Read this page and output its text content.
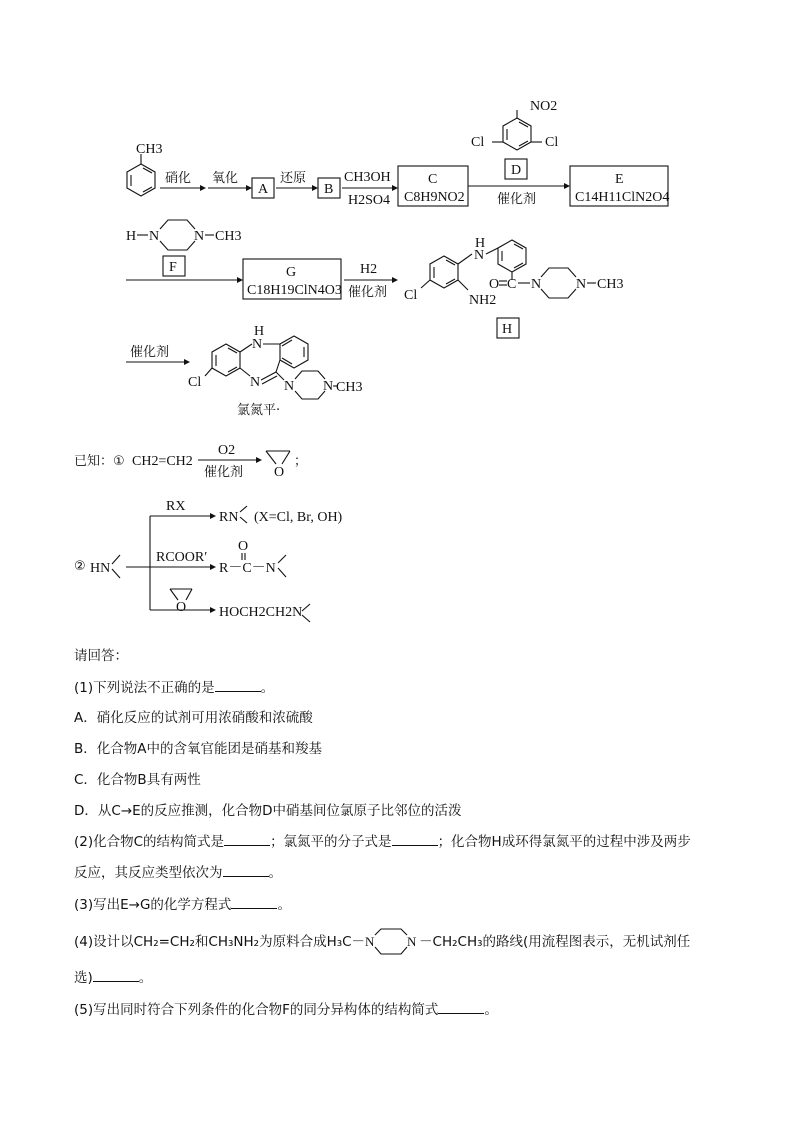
CH3
硝化 氧化
A
还原
B
CH3OH
H2SO4
C
C8H9NO2
NO2
Cl	Cl
D
催化剂
E
C14H11ClN2O4
H N N CH3
F	G
C18H19ClN4O3
H2
催化剂 Cl	NH2
H
N
O C N N CH3
H
催化剂
Cl
H
N
N N N CH3
氯氮平·
已知：① CH2=CH2
O2
催化剂 O
；
② HN
RX
RN (X=Cl, Br, OH)
RCOOR′
R－C－N
O
O HOCH2CH2N
请回答：
(1)下列说法不正确的是	。
A．硝化反应的试剂可用浓硝酸和浓硫酸
B．化合物A中的含氧官能团是硝基和羧基
C．化合物B具有两性
D．从C→E的反应推测，化合物D中硝基间位氯原子比邻位的活泼
(2)化合物C的结构简式是	；氯氮平的分子式是	；化合物H成环得氯氮平的过程中涉及两步
反应，其反应类型依次为	。
(3)写出E→G的化学方程式	。
(4)设计以CH₂=CH₂和CH₃NH₂为原料合成H₃C－ N	N －CH₂CH₃的路线(用流程图表示，无机试剂任
选)	。
(5)写出同时符合下列条件的化合物F的同分异构体的结构简式	。
